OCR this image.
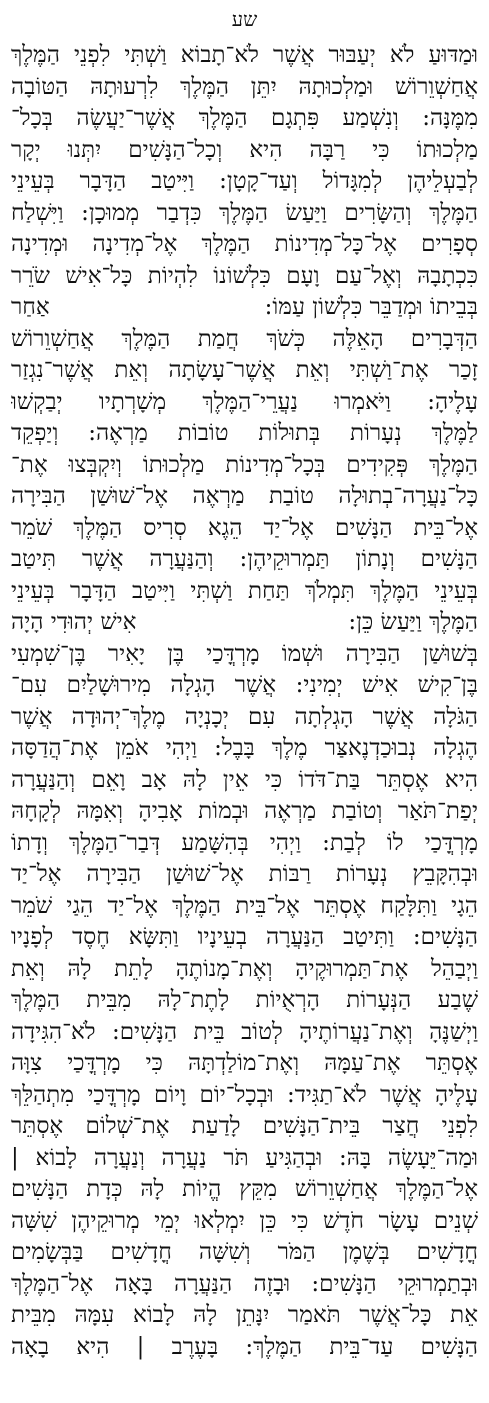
שע
וּמַדּוּעַ לֹא יְעַבּוּר אֲשֶׁר לֹא־תָבוֹא וַשְׁתִּי לִפְנֵי הַמֶּלֶךְ
אֲחַשְׁוֵרוֹשׁ וּמַלְכוּתָהּ יִתֵּן הַמֶּלֶךְ לִרְעוּתָהּ הַטּוֹבָה
מִמֶּנָּה: וְנִשְׁמַע פִּתְגָם הַמֶּלֶךְ אֲשֶׁר־יַעֲשֶׂה בְּכָל־
מַלְכוּתוֹ כִּי רַבָּה הִיא וְכָל־הַנָּשִׁים יִתְּנוּ יְקָר
לְבַעְלֵיהֶן לְמִגָּדוֹל וְעַד־קָטָן: וַיִּיטַב הַדָּבָר בְּעֵינֵי
הַמֶּלֶךְ וְהַשָּׂרִים וַיַּעַשׂ הַמֶּלֶךְ כִּדְבַר מְמוּכָן: וַיִּשְׁלַח
סְפָרִים אֶל־כָּל־מְדִינוֹת הַמֶּלֶךְ אֶל־מְדִינָה וּמְדִינָה
כִּכְתָבָהּ וְאֶל־עַם וָעָם כִּלְשׁוֹנוֹ לִהְיוֹת כָּל־אִישׁ שֹׂרֵר
אַחַר	בְּבֵיתוֹ וּמְדַבֵּר כִּלְשׁוֹן עַמּוֹ:
הַדְּבָרִים הָאֵלֶּה כְּשֹׁךְ חֲמַת הַמֶּלֶךְ אֲחַשְׁוֵרוֹשׁ
זָכַר אֶת־וַשְׁתִּי וְאֵת אֲשֶׁר־עָשָׂתָה וְאֵת אֲשֶׁר־נִגְזַר
עָלֶיהָ: וַיֹּאמְרוּ נַעֲרֵי־הַמֶּלֶךְ מְשָׁרְתָיו יְבַקְשׁוּ
לַמֶּלֶךְ נְעָרוֹת בְּתוּלוֹת טוֹבוֹת מַרְאֶה: וְיַפְקֵד
הַמֶּלֶךְ פְּקִידִים בְּכָל־מְדִינוֹת מַלְכוּתוֹ וְיִקְבְּצוּ אֶת־
כָּל־נַעֲרָה־בְתוּלָה טוֹבַת מַרְאֶה אֶל־שׁוּשַׁן הַבִּירָה
אֶל־בֵּית הַנָּשִׁים אֶל־יַד הֵגֶא סְרִיס הַמֶּלֶךְ שֹׁמֵר
הַנָּשִׁים וְנָתוֹן תַּמְרוּקֵיהֶן: וְהַנַּעֲרָה אֲשֶׁר תִּיטַב
בְּעֵינֵי הַמֶּלֶךְ תִּמְלֹךְ תַּחַת וַשְׁתִּי וַיִּיטַב הַדָּבָר בְּעֵינֵי
אִישׁ יְהוּדִי הָיָה	הַמֶּלֶךְ וַיַּעַשׂ כֵּן:
בְּשׁוּשַׁן הַבִּירָה וּשְׁמוֹ מָרְדֳּכַי בֶּן יָאִיר בֶּן־שִׁמְעִי
בֶּן־קִישׁ אִישׁ יְמִינִי: אֲשֶׁר הָגְלָה מִירוּשָׁלַיִם עִם־
הַגֹּלָה אֲשֶׁר הָגְלְתָה עִם יְכָנְיָה מֶלֶךְ־יְהוּדָה אֲשֶׁר
הֶגְלָה נְבוּכַדְנֶאצַּר מֶלֶךְ בָּבֶל: וַיְהִי אֹמֵן אֶת־הֲדַסָּה
הִיא אֶסְתֵּר בַּת־דֹּדוֹ כִּי אֵין לָהּ אָב וָאֵם וְהַנַּעֲרָה
יְפַת־תֹּאַר וְטוֹבַת מַרְאֶה וּבְמוֹת אָבִיהָ וְאִמָּהּ לְקָחָהּ
מָרְדֳּכַי לוֹ לְבַת: וַיְהִי בְּהִשָּׁמַע דְּבַר־הַמֶּלֶךְ וְדָתוֹ
וּבְהִקָּבֵץ נְעָרוֹת רַבּוֹת אֶל־שׁוּשַׁן הַבִּירָה אֶל־יַד
הֵגָי וַתִּלָּקַח אֶסְתֵּר אֶל־בֵּית הַמֶּלֶךְ אֶל־יַד הֵגַי שֹׁמֵר
הַנָּשִׁים: וַתִּיטַב הַנַּעֲרָה בְעֵינָיו וַתִּשָּׂא חֶסֶד לְפָנָיו
וַיְבַהֵל אֶת־תַּמְרוּקֶיהָ וְאֶת־מָנוֹתֶהָ לָתֵת לָהּ וְאֵת
שֶׁבַע הַנְּעָרוֹת הָרְאֻיוֹת לָתֶת־לָהּ מִבֵּית הַמֶּלֶךְ
וַיְשַׁנֶּהָ וְאֶת־נַעֲרוֹתֶיהָ לְטוֹב בֵּית הַנָּשִׁים: לֹא־הִגִּידָה
אֶסְתֵּר אֶת־עַמָּהּ וְאֶת־מוֹלַדְתָּהּ כִּי מָרְדֳּכַי צִוָּה
עָלֶיהָ אֲשֶׁר לֹא־תַגִּיד: וּבְכָל־יוֹם וָיוֹם מָרְדֳּכַי מִתְהַלֵּךְ
לִפְנֵי חֲצַר בֵּית־הַנָּשִׁים לָדַעַת אֶת־שְׁלוֹם אֶסְתֵּר
וּמַה־יֵּעָשֶׂה בָּהּ: וּבְהַגִּיעַ תֹּר נַעֲרָה וְנַעֲרָה לָבוֹא |
אֶל־הַמֶּלֶךְ אֲחַשְׁוֵרוֹשׁ מִקֵּץ הֱיוֹת לָהּ כְּדָת הַנָּשִׁים
שְׁנֵים עָשָׂר חֹדֶשׁ כִּי כֵּן יִמְלְאוּ יְמֵי מְרוּקֵיהֶן שִׁשָּׁה
חֳדָשִׁים בְּשֶׁמֶן הַמֹּר וְשִׁשָּׁה חֳדָשִׁים בַּבְּשָׂמִים
וּבְתַמְרוּקֵי הַנָּשִׁים: וּבָזֶה הַנַּעֲרָה בָּאָה אֶל־הַמֶּלֶךְ
אֵת כָּל־אֲשֶׁר תֹּאמַר יִנָּתֵן לָהּ לָבוֹא עִמָּהּ מִבֵּית
הַנָּשִׁים עַד־בֵּית הַמֶּלֶךְ: בָּעֶרֶב | הִיא בָאָה
